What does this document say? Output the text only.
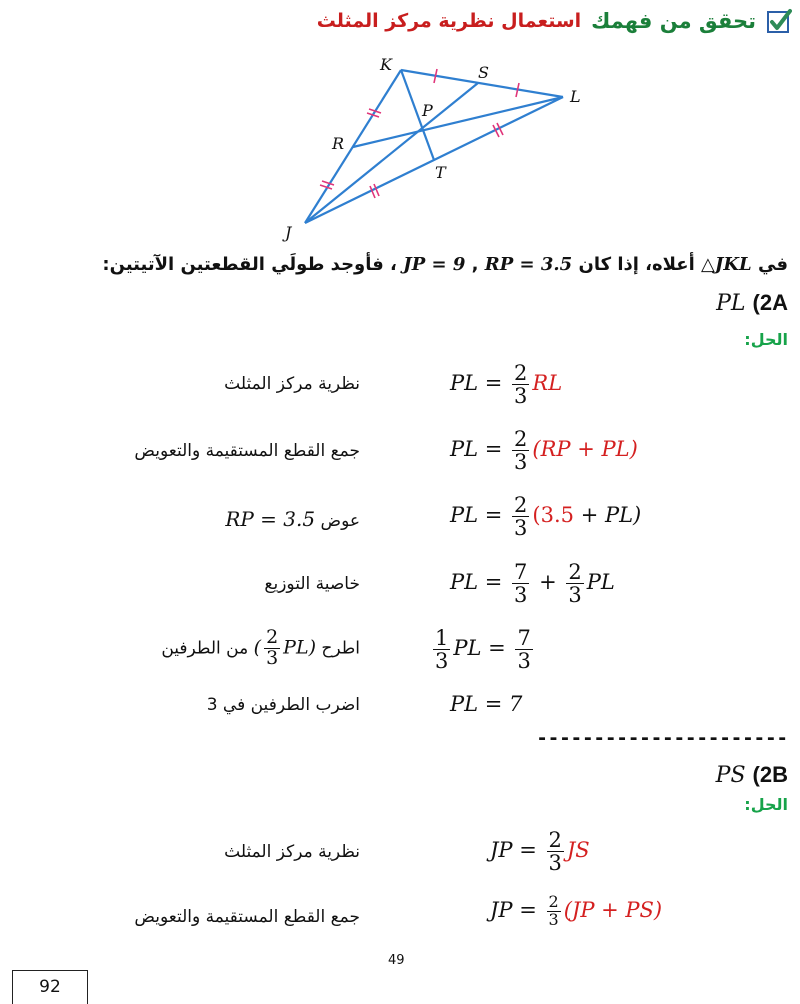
تحقق من فهمك
استعمال نظرية مركز المثلث
K	S
L
P
R
T
J
في JKL△ أعلاه، إذا كان JP = 9 , RP = 3.5 ، فأوجد طولَي القطعتين الآتيتين:
PL (2A
الحل:
نظرية مركز المثلث	PL = $\frac{2}{3}$ RL
جمع القطع المستقيمة والتعويض	PL = $\frac{2}{3} (RP + PL)$
عوض RP = 3.5	PL = $\frac{2}{3} (3.5 + PL)$
خاصية التوزيع	PL = $\frac{7}{3} + \frac{2}{3}$ PL
اطرح ( $\frac{2}{3} PL$) من الطرفين	$\frac{1}{3}$ PL = $\frac{7}{3}$
اضرب الطرفين في 3	PL = 7
----------------------
PS (2B
الحل:
نظرية مركز المثلث	JP = $\frac{2}{3}$ JS
جمع القطع المستقيمة والتعويض	JP = $\frac{2}{3} (JP + PS)$
49
92
